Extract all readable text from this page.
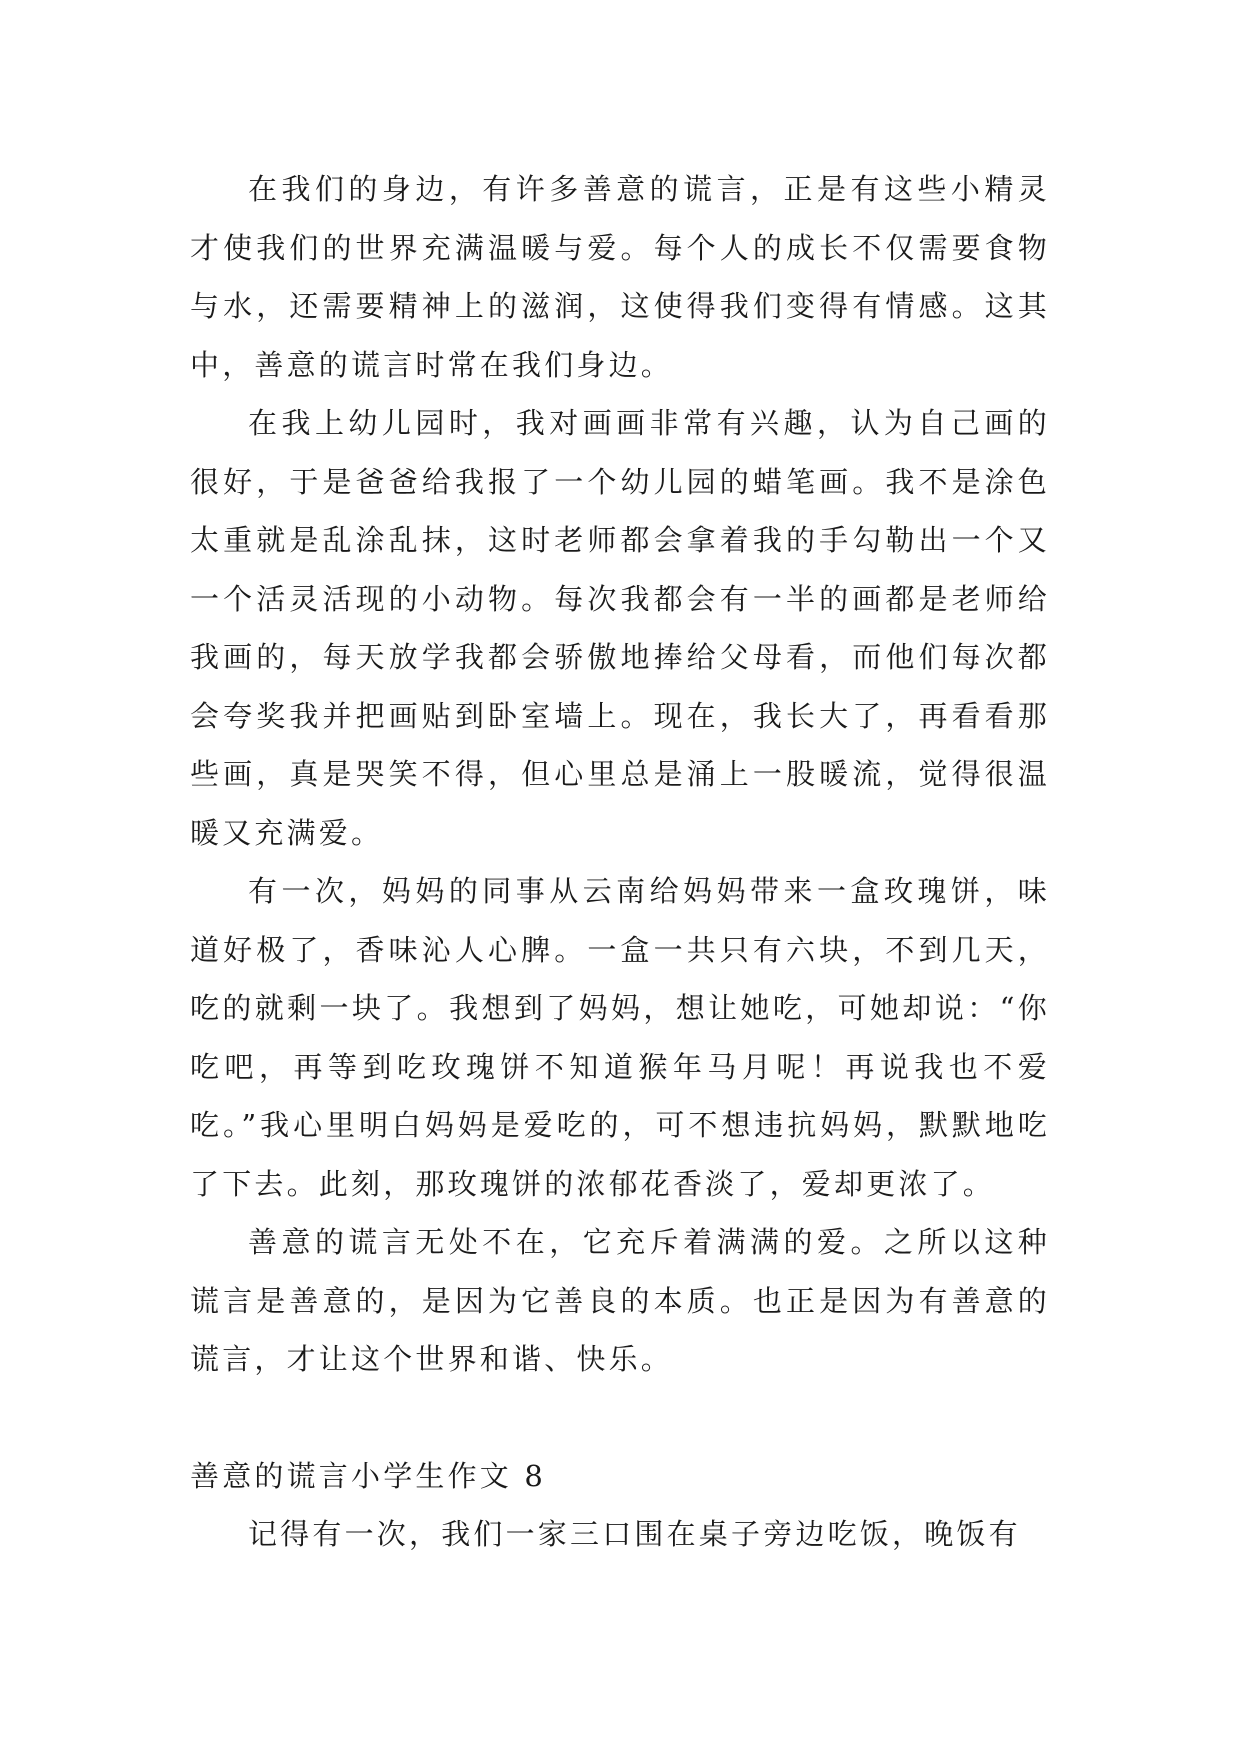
在我们的身边，有许多善意的谎言，正是有这些小精灵才使我们的世界充满温暖与爱。每个人的成长不仅需要食物与水，还需要精神上的滋润，这使得我们变得有情感。这其中，善意的谎言时常在我们身边。

在我上幼儿园时，我对画画非常有兴趣，认为自己画的很好，于是爸爸给我报了一个幼儿园的蜡笔画。我不是涂色太重就是乱涂乱抹，这时老师都会拿着我的手勾勒出一个又一个活灵活现的小动物。每次我都会有一半的画都是老师给我画的，每天放学我都会骄傲地捧给父母看，而他们每次都会夸奖我并把画贴到卧室墙上。现在，我长大了，再看看那些画，真是哭笑不得，但心里总是涌上一股暖流，觉得很温暖又充满爱。

有一次，妈妈的同事从云南给妈妈带来一盒玫瑰饼，味道好极了，香味沁人心脾。一盒一共只有六块，不到几天，吃的就剩一块了。我想到了妈妈，想让她吃，可她却说：“你吃吧，再等到吃玫瑰饼不知道猴年马月呢！再说我也不爱吃。”我心里明白妈妈是爱吃的，可不想违抗妈妈，默默地吃了下去。此刻，那玫瑰饼的浓郁花香淡了，爱却更浓了。

善意的谎言无处不在，它充斥着满满的爱。之所以这种谎言是善意的，是因为它善良的本质。也正是因为有善意的谎言，才让这个世界和谐、快乐。

善意的谎言小学生作文 8

记得有一次，我们一家三口围在桌子旁边吃饭，晚饭有
